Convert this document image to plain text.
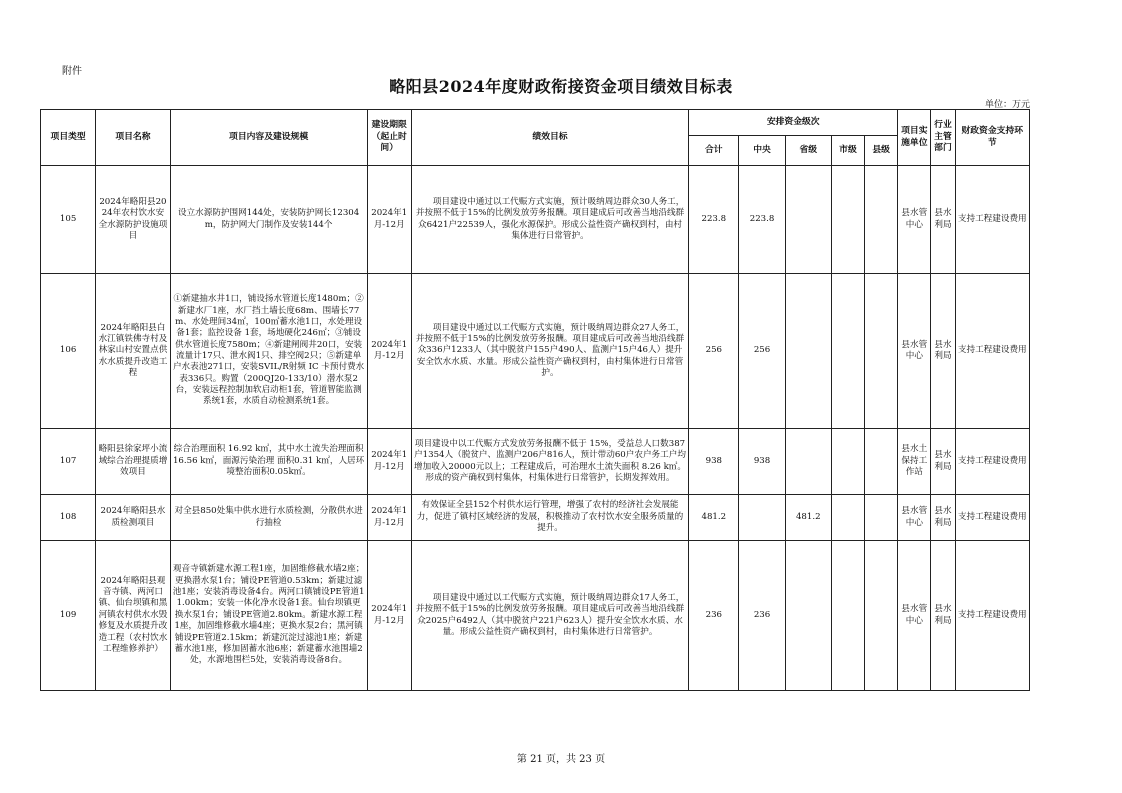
附件
略阳县2024年度财政衔接资金项目绩效目标表
单位：万元
项目类型	项目名称	项目内容及建设规模	建设期限（起止时间）	绩效目标	安排资金级次					项目实施单位	行业主管部门	财政资金支持环节
					合计	中央	省级	市级	县级			
105	2024年略阳县2024年农村饮水安全水源防护设施项目	设立水源防护围网144处，安装防护网长12304m，防护网大门制作及安装144个	2024年1月-12月	项目建设中通过以工代赈方式实施，预计吸纳周边群众30人务工，并按照不低于15%的比例发放劳务报酬。项目建成后可改善当地沿线群众6421户22539人，强化水源保护。形成公益性资产确权到村，由村集体进行日常管护。	223.8	223.8				县水管中心	县水利局	支持工程建设费用
106	2024年略阳县白水江镇铁佛寺村及林家山村安置点供水水质提升改造工程	①新建抽水井1口，铺设扬水管道长度1480m；②新建水厂1座，水厂挡土墙长度68m、围墙长77m、水处理间34㎡，100㎡蓄水池1口，水处理设备1套；监控设备 1套，场地硬化246㎡；③铺设供水管道长度7580m；④新建闸阀井20口，安装流量计17只、泄水阀1只、排空阀2只；⑤新建单户水表池271口，安装SVIL/R射频 IC 卡预付费水表336只。购置（200QJ20-133/10）潜水泵2台，安装远程控制加软启动柜1套，管道智能监测系统1套，水质自动检测系统1套。	2024年1月-12月	项目建设中通过以工代赈方式实施，预计吸纳周边群众27人务工，并按照不低于15%的比例发放劳务报酬。项目建成后可改善当地沿线群众336户1233人（其中脱贫户155户490人、监测户15户46人）提升安全饮水水质、水量。形成公益性资产确权到村，由村集体进行日常管护。	256	256				县水管中心	县水利局	支持工程建设费用
107	略阳县徐家坪小流域综合治理提质增效项目	综合治理面积 16.92 k㎡，其中水土流失治理面积16.56 k㎡，面源污染治理 面积0.31 k㎡，人居环境整治面积0.05k㎡。	2024年1月-12月	项目建设中以工代赈方式发放劳务报酬不低于 15%，受益总人口数387户1354人（脱贫户、监测户206户816人，预计带动60户农户务工户均增加收入20000元以上；工程建成后，可治理水土流失面积 8.26 k㎡。形成的资产确权到村集体，村集体进行日常管护，长期发挥效用。	938	938				县水土保持工作站	县水利局	支持工程建设费用
108	2024年略阳县水质检测项目	对全县850处集中供水进行水质检测，分散供水进行抽检	2024年1月-12月	有效保证全县152个村供水运行管理，增强了农村的经济社会发展能力，促进了镇村区域经济的发展，积极推动了农村饮水安全服务质量的提升。	481.2		481.2			县水管中心	县水利局	支持工程建设费用
109	2024年略阳县观音寺镇、两河口镇、仙台坝镇和黑河镇农村供水水毁修复及水质提升改造工程（农村饮水工程维修养护）	观音寺镇新建水源工程1座，加固维修截水墙2座；更换潜水泵1台；铺设PE管道0.53km；新建过滤池1座；安装消毒设备4台。两河口镇铺设PE管道11.00km；安装一体化净水设备1套。仙台坝镇更换水泵1台；铺设PE管道2.80km。新建水源工程1座，加固维修截水墙4座；更换水泵2台；黑河镇铺设PE管道2.15km；新建沉淀过滤池1座；新建蓄水池1座，修加固蓄水池6座；新建蓄水池围墙2处，水源地围栏5处，安装消毒设备8台。	2024年1月-12月	项目建设中通过以工代赈方式实施，预计吸纳周边群众17人务工，并按照不低于15%的比例发放劳务报酬。项目建成后可改善当地沿线群众2025户6492人（其中脱贫户221户623人）提升安全饮水水质、水量。形成公益性资产确权到村，由村集体进行日常管护。	236	236				县水管中心	县水利局	支持工程建设费用
第 21 页，共 23 页
